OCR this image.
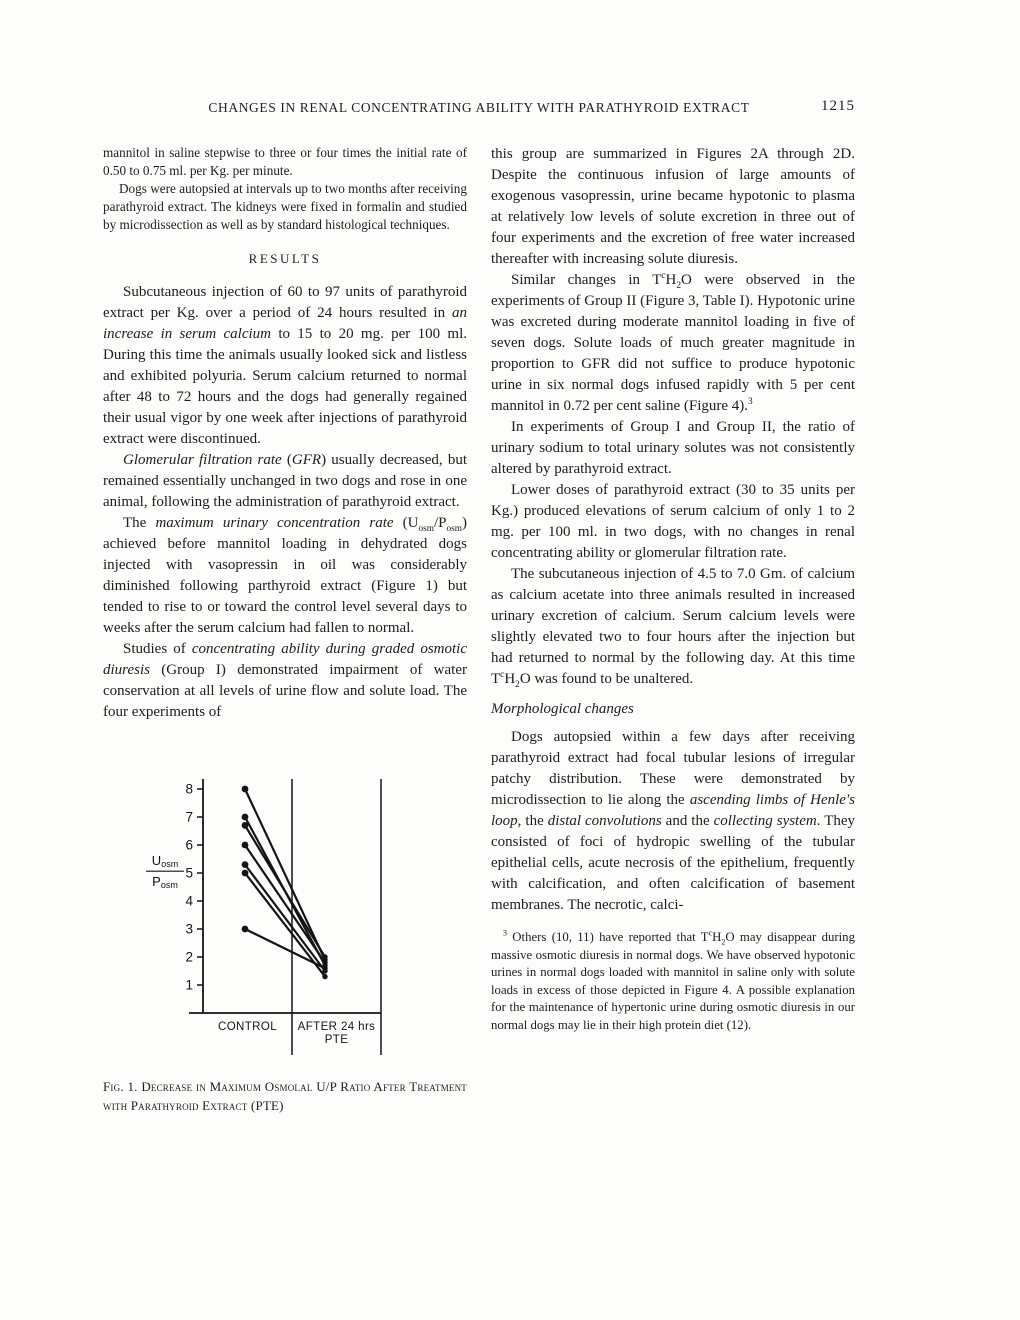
CHANGES IN RENAL CONCENTRATING ABILITY WITH PARATHYROID EXTRACT	1215

mannitol in saline stepwise to three or four times the initial rate of 0.50 to 0.75 ml. per Kg. per minute.

Dogs were autopsied at intervals up to two months after receiving parathyroid extract. The kidneys were fixed in formalin and studied by microdissection as well as by standard histological techniques.

RESULTS

Subcutaneous injection of 60 to 97 units of parathyroid extract per Kg. over a period of 24 hours resulted in an increase in serum calcium to 15 to 20 mg. per 100 ml. During this time the animals usually looked sick and listless and exhibited polyuria. Serum calcium returned to normal after 48 to 72 hours and the dogs had generally regained their usual vigor by one week after injections of parathyroid extract were discontinued.

Glomerular filtration rate (GFR) usually decreased, but remained essentially unchanged in two dogs and rose in one animal, following the administration of parathyroid extract.

The maximum urinary concentration rate $(U_{osm}/P_{osm})$ achieved before mannitol loading in dehydrated dogs injected with vasopressin in oil was considerably diminished following parthyroid extract (Figure 1) but tended to rise to or toward the control level several days to weeks after the serum calcium had fallen to normal.

Studies of concentrating ability during graded osmotic diuresis (Group I) demonstrated impairment of water conservation at all levels of urine flow and solute load. The four experiments of

1
2
3
4
5
6
7
8
Uosm
Posm
CONTROL AFTER 24 hrs
PTE

Fig. 1. Decrease in Maximum Osmolal U/P Ratio After Treatment with Parathyroid Extract (PTE)

this group are summarized in Figures 2A through 2D. Despite the continuous infusion of large amounts of exogenous vasopressin, urine became hypotonic to plasma at relatively low levels of solute excretion in three out of four experiments and the excretion of free water increased thereafter with increasing solute diuresis.

Similar changes in $T^cH_2O$ were observed in the experiments of Group II (Figure 3, Table I). Hypotonic urine was excreted during moderate mannitol loading in five of seven dogs. Solute loads of much greater magnitude in proportion to GFR did not suffice to produce hypotonic urine in six normal dogs infused rapidly with 5 per cent mannitol in 0.72 per cent saline (Figure 4).$^3$

In experiments of Group I and Group II, the ratio of urinary sodium to total urinary solutes was not consistently altered by parathyroid extract.

Lower doses of parathyroid extract (30 to 35 units per Kg.) produced elevations of serum calcium of only 1 to 2 mg. per 100 ml. in two dogs, with no changes in renal concentrating ability or glomerular filtration rate.

The subcutaneous injection of 4.5 to 7.0 Gm. of calcium as calcium acetate into three animals resulted in increased urinary excretion of calcium. Serum calcium levels were slightly elevated two to four hours after the injection but had returned to normal by the following day. At this time $T^cH_2O$ was found to be unaltered.

Morphological changes

Dogs autopsied within a few days after receiving parathyroid extract had focal tubular lesions of irregular patchy distribution. These were demonstrated by microdissection to lie along the ascending limbs of Henle's loop, the distal convolutions and the collecting system. They consisted of foci of hydropic swelling of the tubular epithelial cells, acute necrosis of the epithelium, frequently with calcification, and often calcification of basement membranes. The necrotic, calci-

$^3$ Others (10, 11) have reported that $T^cH_2O$ may disappear during massive osmotic diuresis in normal dogs. We have observed hypotonic urines in normal dogs loaded with mannitol in saline only with solute loads in excess of those depicted in Figure 4. A possible explanation for the maintenance of hypertonic urine during osmotic diuresis in our normal dogs may lie in their high protein diet (12).
